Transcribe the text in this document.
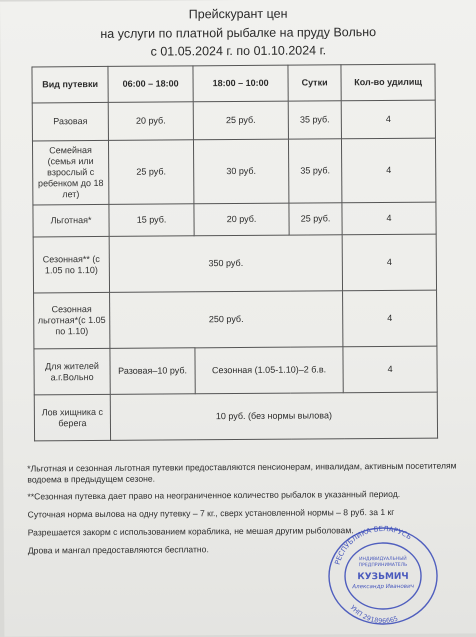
Прейскурант цен
на услуги по платной рыбалке на пруду Вольно
с 01.05.2024 г. по 01.10.2024 г.
Вид путевки	06:00 – 18:00	18:00 – 10:00	Сутки	Кол-во удилищ
Разовая	20 руб.	25 руб.	35 руб.	4
Семейная (семья или взрослый с ребенком до 18 лет)	25 руб.	30 руб.	35 руб.	4
Льготная*	15 руб.	20 руб.	25 руб.	4
Сезонная** (с 1.05 по 1.10)	350 руб.			4
Сезонная льготная*(с 1.05 по 1.10)	250 руб.			4
Для жителей а.г.Вольно	Разовая–10 руб.	Сезонная (1.05-1.10)–2 б.в.		4
Лов хищника с берега	10 руб. (без нормы вылова)			
*Льготная и сезонная льготная путевки предоставляются пенсионерам, инвалидам, активным посетителям водоема в предыдущем сезоне.
**Сезонная путевка дает право на неограниченное количество рыбалок в указанный период.
Суточная норма вылова на одну путевку – 7 кг., сверх установленной нормы – 8 руб. за 1 кг
Разрешается закорм с использованием кораблика, не мешая другим рыболовам.
Дрова и мангал предоставляются бесплатно.
РЕСПУБЛИКА БЕЛАРУСЬ
УНП 291896665
ИНДИВИДУАЛЬНЫЙ
ПРЕДПРИНИМАТЕЛЬ
КУЗЬМИЧ
Александр Иванович
